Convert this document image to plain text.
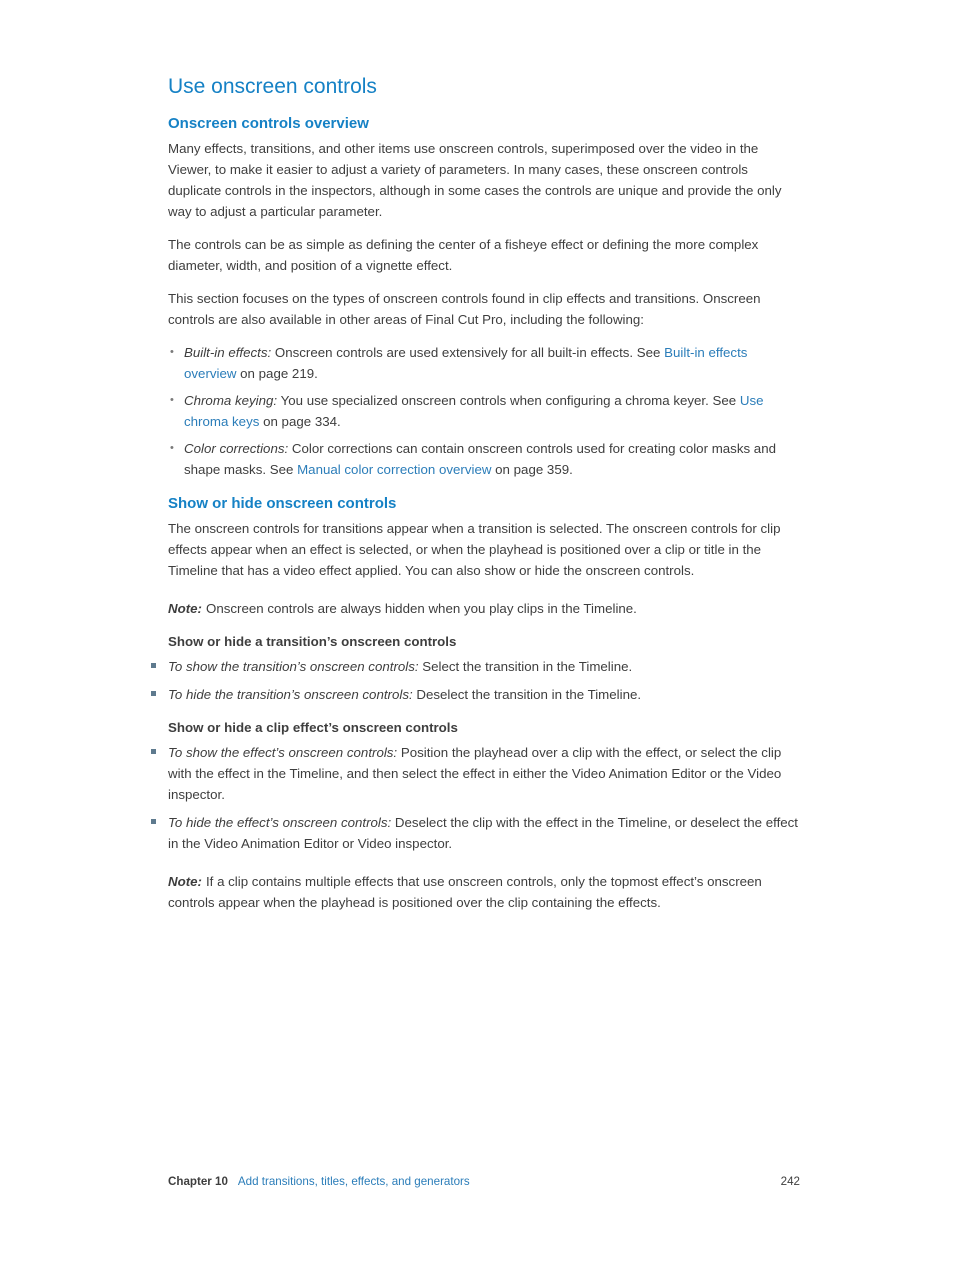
Use onscreen controls
Onscreen controls overview

Many effects, transitions, and other items use onscreen controls, superimposed over the video in the Viewer, to make it easier to adjust a variety of parameters. In many cases, these onscreen controls duplicate controls in the inspectors, although in some cases the controls are unique and provide the only way to adjust a particular parameter.

The controls can be as simple as defining the center of a fisheye effect or defining the more complex diameter, width, and position of a vignette effect.

This section focuses on the types of onscreen controls found in clip effects and transitions. Onscreen controls are also available in other areas of Final Cut Pro, including the following:

• Built-in effects: Onscreen controls are used extensively for all built-in effects. See Built-in effects overview on page 219.
• Chroma keying: You use specialized onscreen controls when configuring a chroma keyer. See Use chroma keys on page 334.
• Color corrections: Color corrections can contain onscreen controls used for creating color masks and shape masks. See Manual color correction overview on page 359.
Show or hide onscreen controls

The onscreen controls for transitions appear when a transition is selected. The onscreen controls for clip effects appear when an effect is selected, or when the playhead is positioned over a clip or title in the Timeline that has a video effect applied. You can also show or hide the onscreen controls.

Note: Onscreen controls are always hidden when you play clips in the Timeline.

Show or hide a transition’s onscreen controls
To show the transition’s onscreen controls: Select the transition in the Timeline.
To hide the transition’s onscreen controls: Deselect the transition in the Timeline.
Show or hide a clip effect’s onscreen controls
To show the effect’s onscreen controls: Position the playhead over a clip with the effect, or select the clip with the effect in the Timeline, and then select the effect in either the Video Animation Editor or the Video inspector.
To hide the effect’s onscreen controls: Deselect the clip with the effect in the Timeline, or deselect the effect in the Video Animation Editor or Video inspector.

Note: If a clip contains multiple effects that use onscreen controls, only the topmost effect’s onscreen controls appear when the playhead is positioned over the clip containing the effects.

Chapter 10 Add transitions, titles, effects, and generators	242
